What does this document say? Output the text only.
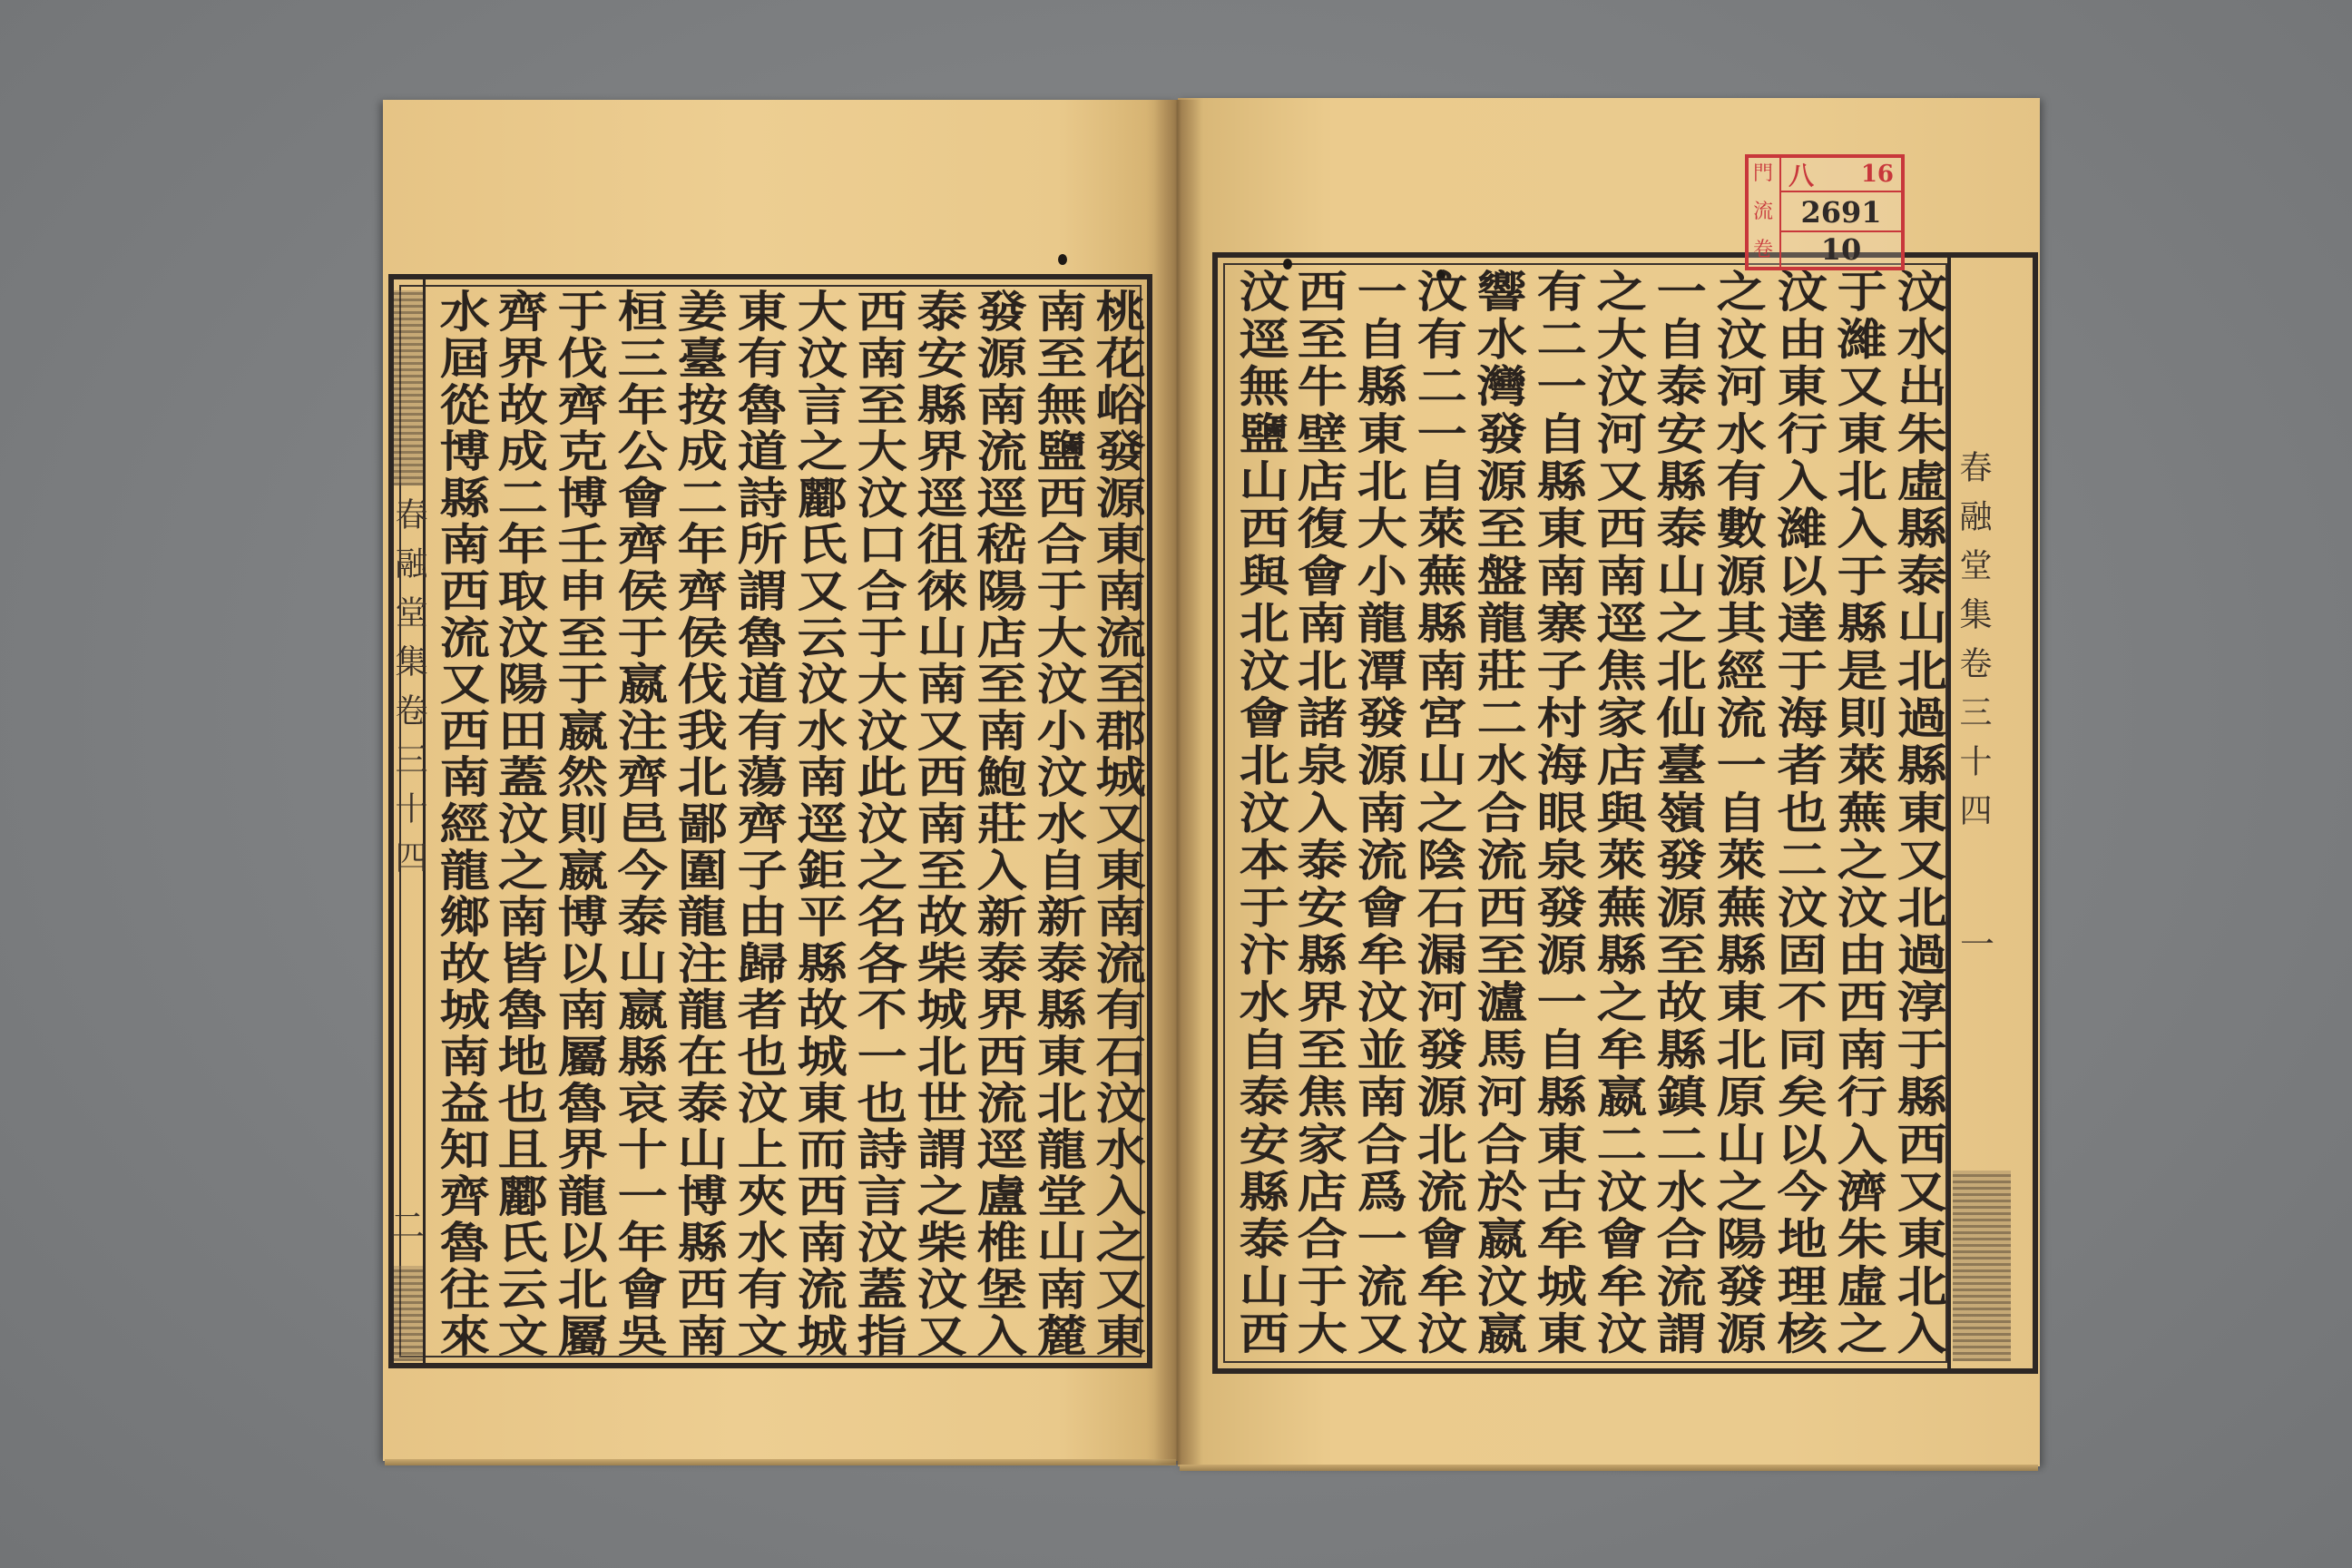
春融堂集卷三十四
二
春融堂集卷三十四
一
汶水出朱虛縣泰山北過縣東又北過淳于縣西又東北入
于濰又東北入于縣是則萊蕪之汶由西南行入濟朱虛之
汶由東行入濰以達于海者也二汶固不同矣以今地理核
之汶河水有數源其經流一自萊蕪縣東北原山之陽發源
一自泰安縣泰山之北仙臺嶺發源至故縣鎮二水合流謂
之大汶河又西南逕焦家店與萊蕪縣之牟嬴二汶會牟汶
有二一自縣東南寨子村海眼泉發源一自縣東古牟城東
響水灣發源至盤龍莊二水合流西至瀘馬河合於嬴汶嬴
汶有二一自萊蕪縣南宮山之陰石漏河發源北流會牟汶
一自縣東北大小龍潭發源南流會牟汶並南合爲一流又
西至牛壁店復會南北諸泉入泰安縣界至焦家店合于大
汶逕無鹽山西與北汶會北汶本于汴水自泰安縣泰山西
桃花峪發源東南流至郡城又東南流有石汶水入之又東
南至無鹽西合于大汶小汶水自新泰縣東北龍堂山南麓
發源南流逕嵇陽店至南鮑莊入新泰界西流逕盧椎堡入
泰安縣界逕徂徠山南又西南至故柴城北世謂之柴汶又
西南至大汶口合于大汶此汶之名各不一也詩言汶蓋指
大汶言之酈氏又云汶水南逕鉅平縣故城東而西南流城
東有魯道詩所謂魯道有蕩齊子由歸者也汶上夾水有文
姜臺按成二年齊侯伐我北鄙圍龍注龍在泰山博縣西南
桓三年公會齊侯于嬴注齊邑今泰山嬴縣哀十一年會吳
于伐齊克博壬申至于嬴然則嬴博以南屬魯界龍以北屬
齊界故成二年取汶陽田蓋汶之南皆魯地也且酈氏云文
水屆從博縣南西流又西南經龍鄉故城南益知齊魯往來
門
流
卷
八 16
2691
10
